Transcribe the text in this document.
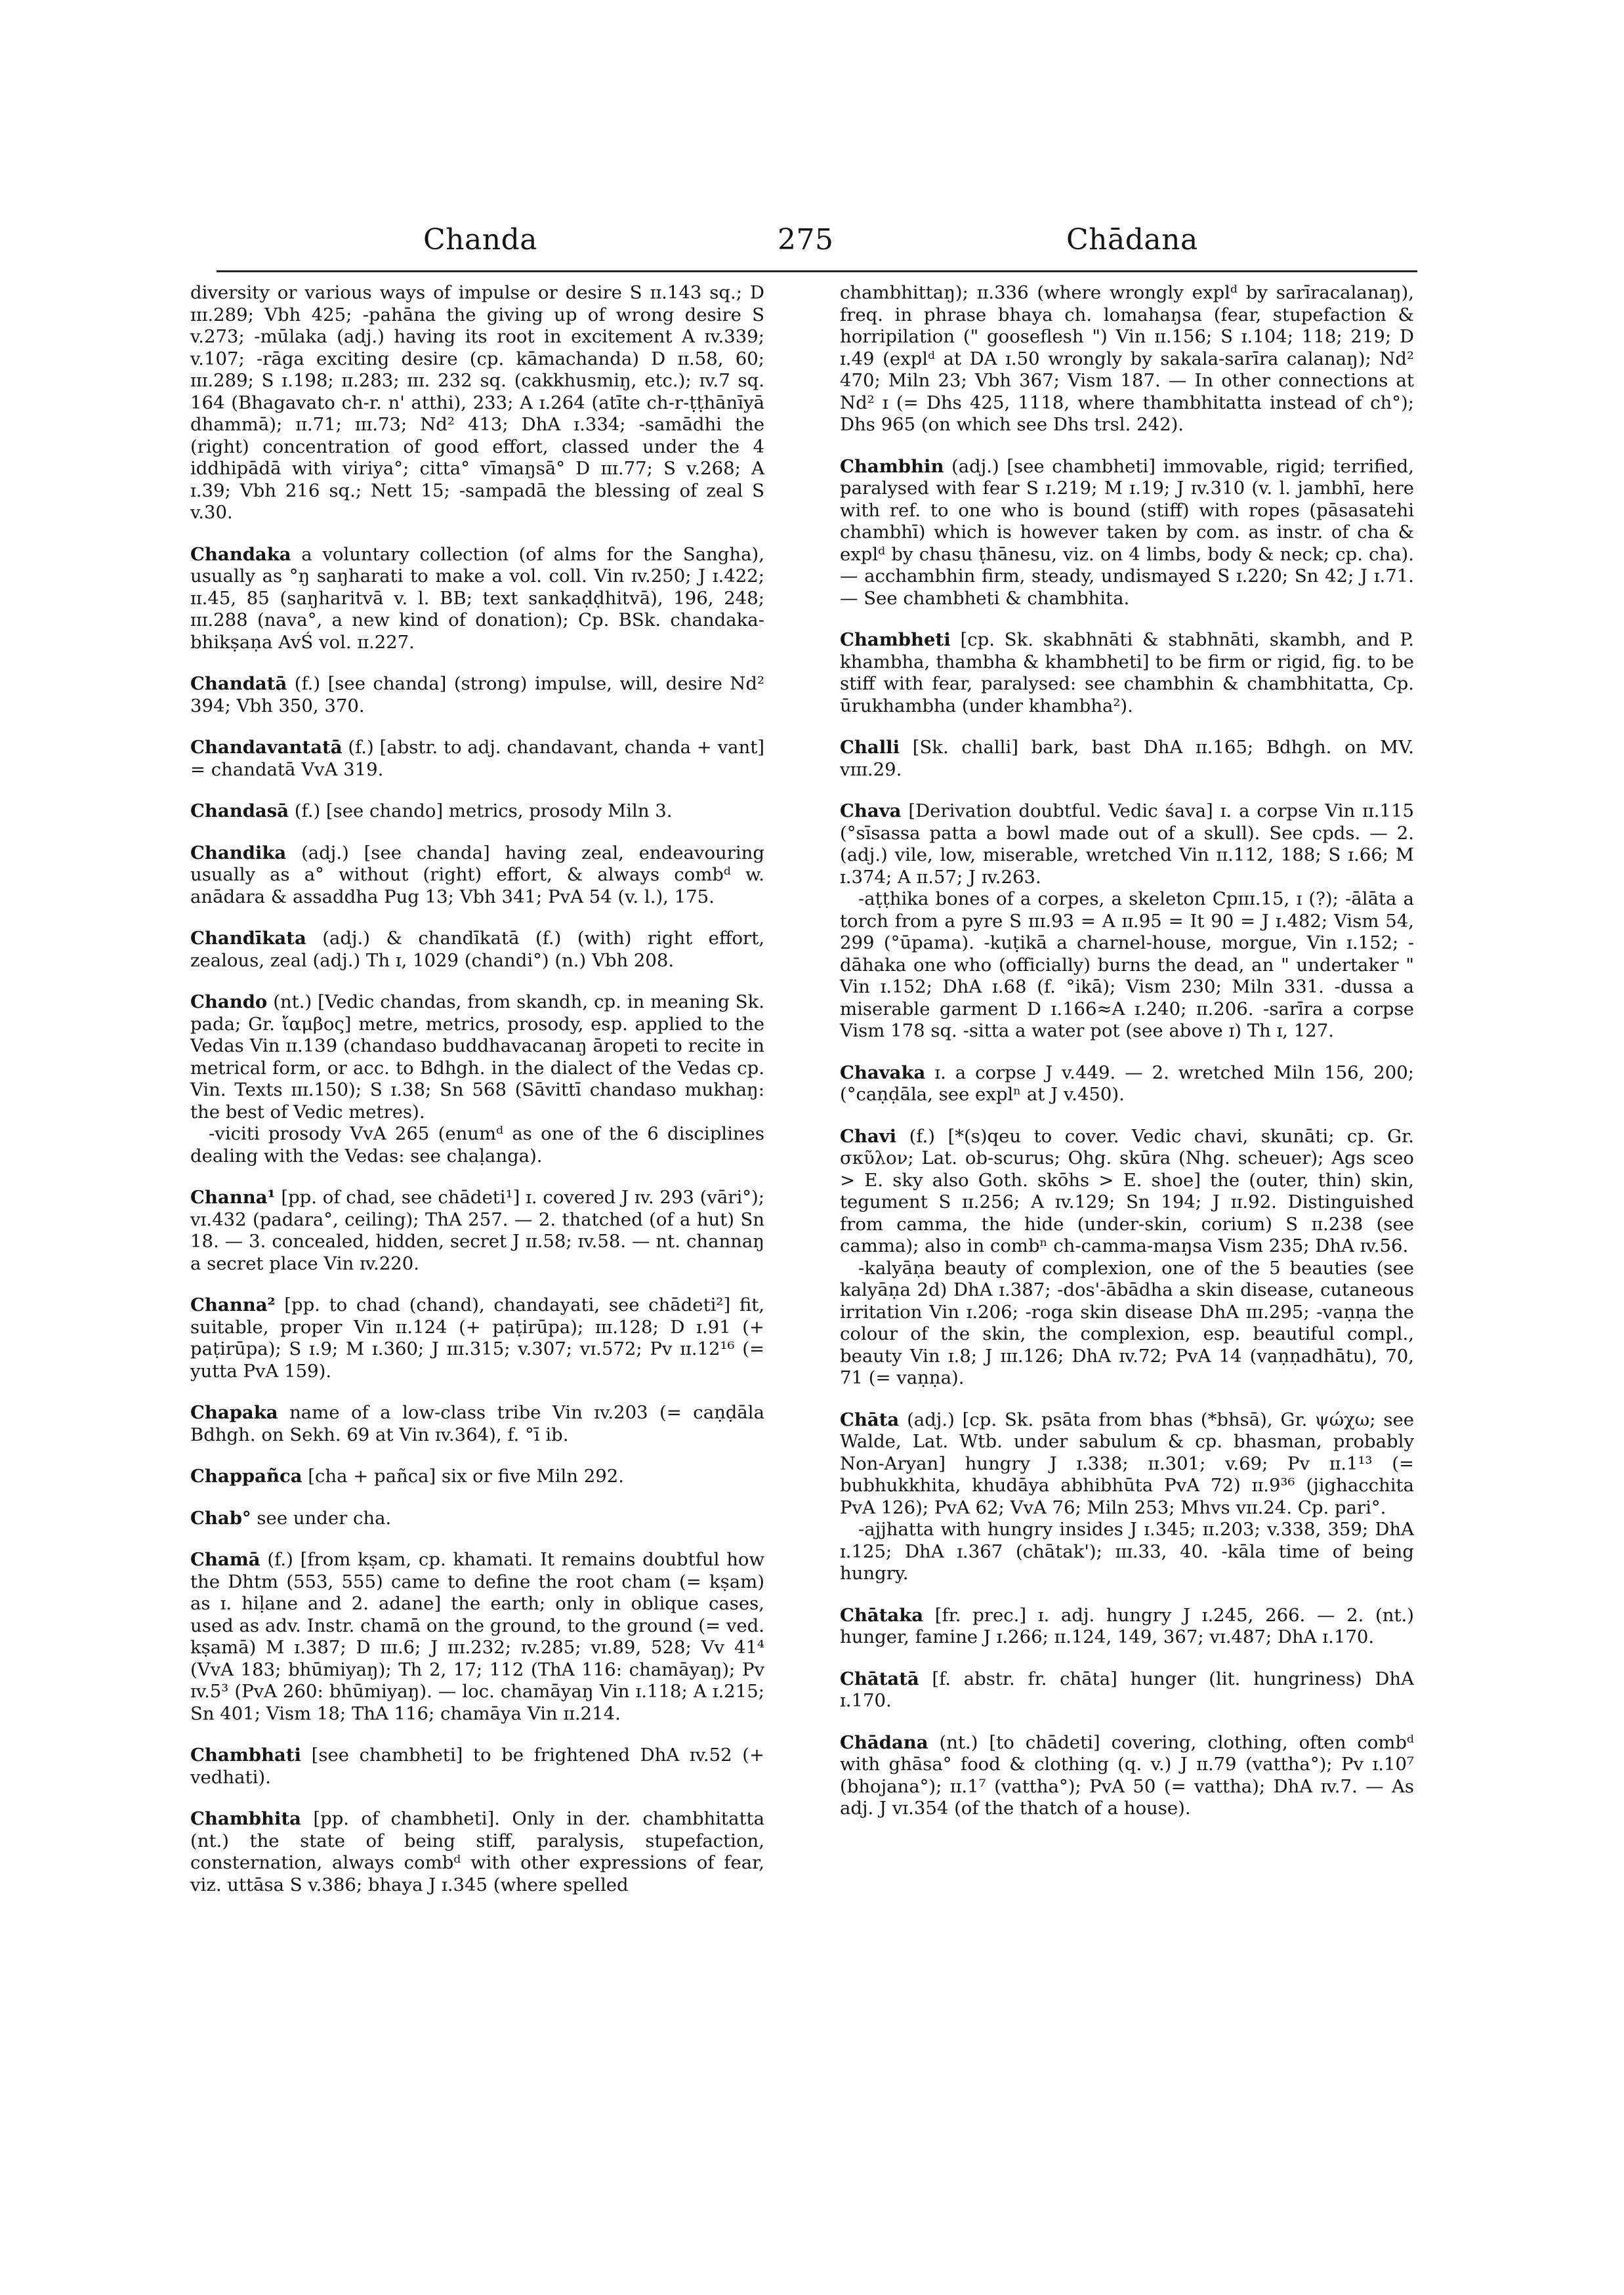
Chanda	275	Chādana
diversity or various ways of impulse or desire S ɪɪ.143 sq.; D ɪɪɪ.289; Vbh 425; -pahāna the giving up of wrong desire S v.273; -mūlaka (adj.) having its root in excitement A ɪv.339; v.107; -rāga exciting desire (cp. kāmachanda) D ɪɪ.58, 60; ɪɪɪ.289; S ɪ.198; ɪɪ.283; ɪɪɪ. 232 sq. (cakkhusmiŋ, etc.); ɪv.7 sq. 164 (Bhagavato ch-r. n' atthi), 233; A ɪ.264 (atīte ch-r-ṭṭhānīyā dhammā); ɪɪ.71; ɪɪɪ.73; Nd² 413; DhA ɪ.334; -samādhi the (right) concentration of good effort, classed under the 4 iddhipādā with viriya°; citta° vīmaŋsā° D ɪɪɪ.77; S v.268; A ɪ.39; Vbh 216 sq.; Nett 15; -sampadā the blessing of zeal S v.30.
Chandaka a voluntary collection (of alms for the Sangha), usually as °ŋ saŋharati to make a vol. coll. Vin ɪv.250; J ɪ.422; ɪɪ.45, 85 (saŋharitvā v. l. BB; text sankaḍḍhitvā), 196, 248; ɪɪɪ.288 (nava°, a new kind of donation); Cp. BSk. chandaka-bhikṣaṇa AvŚ vol. ɪɪ.227.
Chandatā (f.) [see chanda] (strong) impulse, will, desire Nd² 394; Vbh 350, 370.
Chandavantatā (f.) [abstr. to adj. chandavant, chanda + vant] = chandatā VvA 319.
Chandasā (f.) [see chando] metrics, prosody Miln 3.
Chandika (adj.) [see chanda] having zeal, endeavouring usually as a° without (right) effort, & always combᵈ w. anādara & assaddha Pug 13; Vbh 341; PvA 54 (v. l.), 175.
Chandīkata (adj.) & chandīkatā (f.) (with) right effort, zealous, zeal (adj.) Th ɪ, 1029 (chandi°) (n.) Vbh 208.
Chando (nt.) [Vedic chandas, from skandh, cp. in meaning Sk. pada; Gr. ἴαμβος] metre, metrics, prosody, esp. applied to the Vedas Vin ɪɪ.139 (chandaso buddhavacanaŋ āropeti to recite in metrical form, or acc. to Bdhgh. in the dialect of the Vedas cp. Vin. Texts ɪɪɪ.150); S ɪ.38; Sn 568 (Sāvittī chandaso mukhaŋ: the best of Vedic metres).
-viciti prosody VvA 265 (enumᵈ as one of the 6 disciplines dealing with the Vedas: see chaḷanga).
Channa¹ [pp. of chad, see chādeti¹] ɪ. covered J ɪv. 293 (vāri°); vɪ.432 (padara°, ceiling); ThA 257. — 2. thatched (of a hut) Sn 18. — 3. concealed, hidden, secret J ɪɪ.58; ɪv.58. — nt. channaŋ a secret place Vin ɪv.220.
Channa² [pp. to chad (chand), chandayati, see chādeti²] fit, suitable, proper Vin ɪɪ.124 (+ paṭirūpa); ɪɪɪ.128; D ɪ.91 (+ paṭirūpa); S ɪ.9; M ɪ.360; J ɪɪɪ.315; v.307; vɪ.572; Pv ɪɪ.12¹⁶ (= yutta PvA 159).
Chapaka name of a low-class tribe Vin ɪv.203 (= caṇḍāla Bdhgh. on Sekh. 69 at Vin ɪv.364), f. °ī ib.
Chappañca [cha + pañca] six or five Miln 292.
Chab° see under cha.
Chamā (f.) [from kṣam, cp. khamati. It remains doubtful how the Dhtm (553, 555) came to define the root cham (= kṣam) as ɪ. hiḷane and 2. adane] the earth; only in oblique cases, used as adv. Instr. chamā on the ground, to the ground (= ved. kṣamā) M ɪ.387; D ɪɪɪ.6; J ɪɪɪ.232; ɪv.285; vɪ.89, 528; Vv 41⁴ (VvA 183; bhūmiyaŋ); Th 2, 17; 112 (ThA 116: chamāyaŋ); Pv ɪv.5³ (PvA 260: bhūmiyaŋ). — loc. chamāyaŋ Vin ɪ.118; A ɪ.215; Sn 401; Vism 18; ThA 116; chamāya Vin ɪɪ.214.
Chambhati [see chambheti] to be frightened DhA ɪv.52 (+ vedhati).
Chambhita [pp. of chambheti]. Only in der. chambhitatta (nt.) the state of being stiff, paralysis, stupefaction, consternation, always combᵈ with other expressions of fear, viz. uttāsa S v.386; bhaya J ɪ.345 (where spelled
chambhittaŋ); ɪɪ.336 (where wrongly explᵈ by sarīracalanaŋ), freq. in phrase bhaya ch. lomahaŋsa (fear, stupefaction & horripilation (" gooseflesh ") Vin ɪɪ.156; S ɪ.104; 118; 219; D ɪ.49 (explᵈ at DA ɪ.50 wrongly by sakala-sarīra calanaŋ); Nd² 470; Miln 23; Vbh 367; Vism 187. — In other connections at Nd² ɪ (= Dhs 425, 1118, where thambhitatta instead of ch°); Dhs 965 (on which see Dhs trsl. 242).
Chambhin (adj.) [see chambheti] immovable, rigid; terrified, paralysed with fear S ɪ.219; M ɪ.19; J ɪv.310 (v. l. jambhī, here with ref. to one who is bound (stiff) with ropes (pāsasatehi chambhī) which is however taken by com. as instr. of cha & explᵈ by chasu ṭhānesu, viz. on 4 limbs, body & neck; cp. cha). — acchambhin firm, steady, undismayed S ɪ.220; Sn 42; J ɪ.71. — See chambheti & chambhita.
Chambheti [cp. Sk. skabhnāti & stabhnāti, skambh, and P. khambha, thambha & khambheti] to be firm or rigid, fig. to be stiff with fear, paralysed: see chambhin & chambhitatta, Cp. ūrukhambha (under khambha²).
Challi [Sk. challi] bark, bast DhA ɪɪ.165; Bdhgh. on MV. vɪɪɪ.29.
Chava [Derivation doubtful. Vedic śava] ɪ. a corpse Vin ɪɪ.115 (°sīsassa patta a bowl made out of a skull). See cpds. — 2. (adj.) vile, low, miserable, wretched Vin ɪɪ.112, 188; S ɪ.66; M ɪ.374; A ɪɪ.57; J ɪv.263.
-aṭṭhika bones of a corpes, a skeleton Cpɪɪɪ.15, ɪ (?); -ālāta a torch from a pyre S ɪɪɪ.93 = A ɪɪ.95 = It 90 = J ɪ.482; Vism 54, 299 (°ūpama). -kuṭikā a charnel-house, morgue, Vin ɪ.152; -dāhaka one who (officially) burns the dead, an " undertaker " Vin ɪ.152; DhA ɪ.68 (f. °ikā); Vism 230; Miln 331. -dussa a miserable garment D ɪ.166≈A ɪ.240; ɪɪ.206. -sarīra a corpse Vism 178 sq. -sitta a water pot (see above ɪ) Th ɪ, 127.
Chavaka ɪ. a corpse J v.449. — 2. wretched Miln 156, 200; (°caṇḍāla, see explⁿ at J v.450).
Chavi (f.) [*(s)qeu to cover. Vedic chavi, skunāti; cp. Gr. σκῦλον; Lat. ob-scurus; Ohg. skūra (Nhg. scheuer); Ags sceo > E. sky also Goth. skōhs > E. shoe] the (outer, thin) skin, tegument S ɪɪ.256; A ɪv.129; Sn 194; J ɪɪ.92. Distinguished from camma, the hide (under-skin, corium) S ɪɪ.238 (see camma); also in combⁿ ch-camma-maŋsa Vism 235; DhA ɪv.56.
-kalyāṇa beauty of complexion, one of the 5 beauties (see kalyāṇa 2d) DhA ɪ.387; -dos'-ābādha a skin disease, cutaneous irritation Vin ɪ.206; -roga skin disease DhA ɪɪɪ.295; -vaṇṇa the colour of the skin, the complexion, esp. beautiful compl., beauty Vin ɪ.8; J ɪɪɪ.126; DhA ɪv.72; PvA 14 (vaṇṇadhātu), 70, 71 (= vaṇṇa).
Chāta (adj.) [cp. Sk. psāta from bhas (*bhsā), Gr. ψώχω; see Walde, Lat. Wtb. under sabulum & cp. bhasman, probably Non-Aryan] hungry J ɪ.338; ɪɪ.301; v.69; Pv ɪɪ.1¹³ (= bubhukkhita, khudāya abhibhūta PvA 72) ɪɪ.9³⁶ (jighacchita PvA 126); PvA 62; VvA 76; Miln 253; Mhvs vɪɪ.24. Cp. pari°.
-ajjhatta with hungry insides J ɪ.345; ɪɪ.203; v.338, 359; DhA ɪ.125; DhA ɪ.367 (chātak'); ɪɪɪ.33, 40. -kāla time of being hungry.
Chātaka [fr. prec.] ɪ. adj. hungry J ɪ.245, 266. — 2. (nt.) hunger, famine J ɪ.266; ɪɪ.124, 149, 367; vɪ.487; DhA ɪ.170.
Chātatā [f. abstr. fr. chāta] hunger (lit. hungriness) DhA ɪ.170.
Chādana (nt.) [to chādeti] covering, clothing, often combᵈ with ghāsa° food & clothing (q. v.) J ɪɪ.79 (vattha°); Pv ɪ.10⁷ (bhojana°); ɪɪ.1⁷ (vattha°); PvA 50 (= vattha); DhA ɪv.7. — As adj. J vɪ.354 (of the thatch of a house).
